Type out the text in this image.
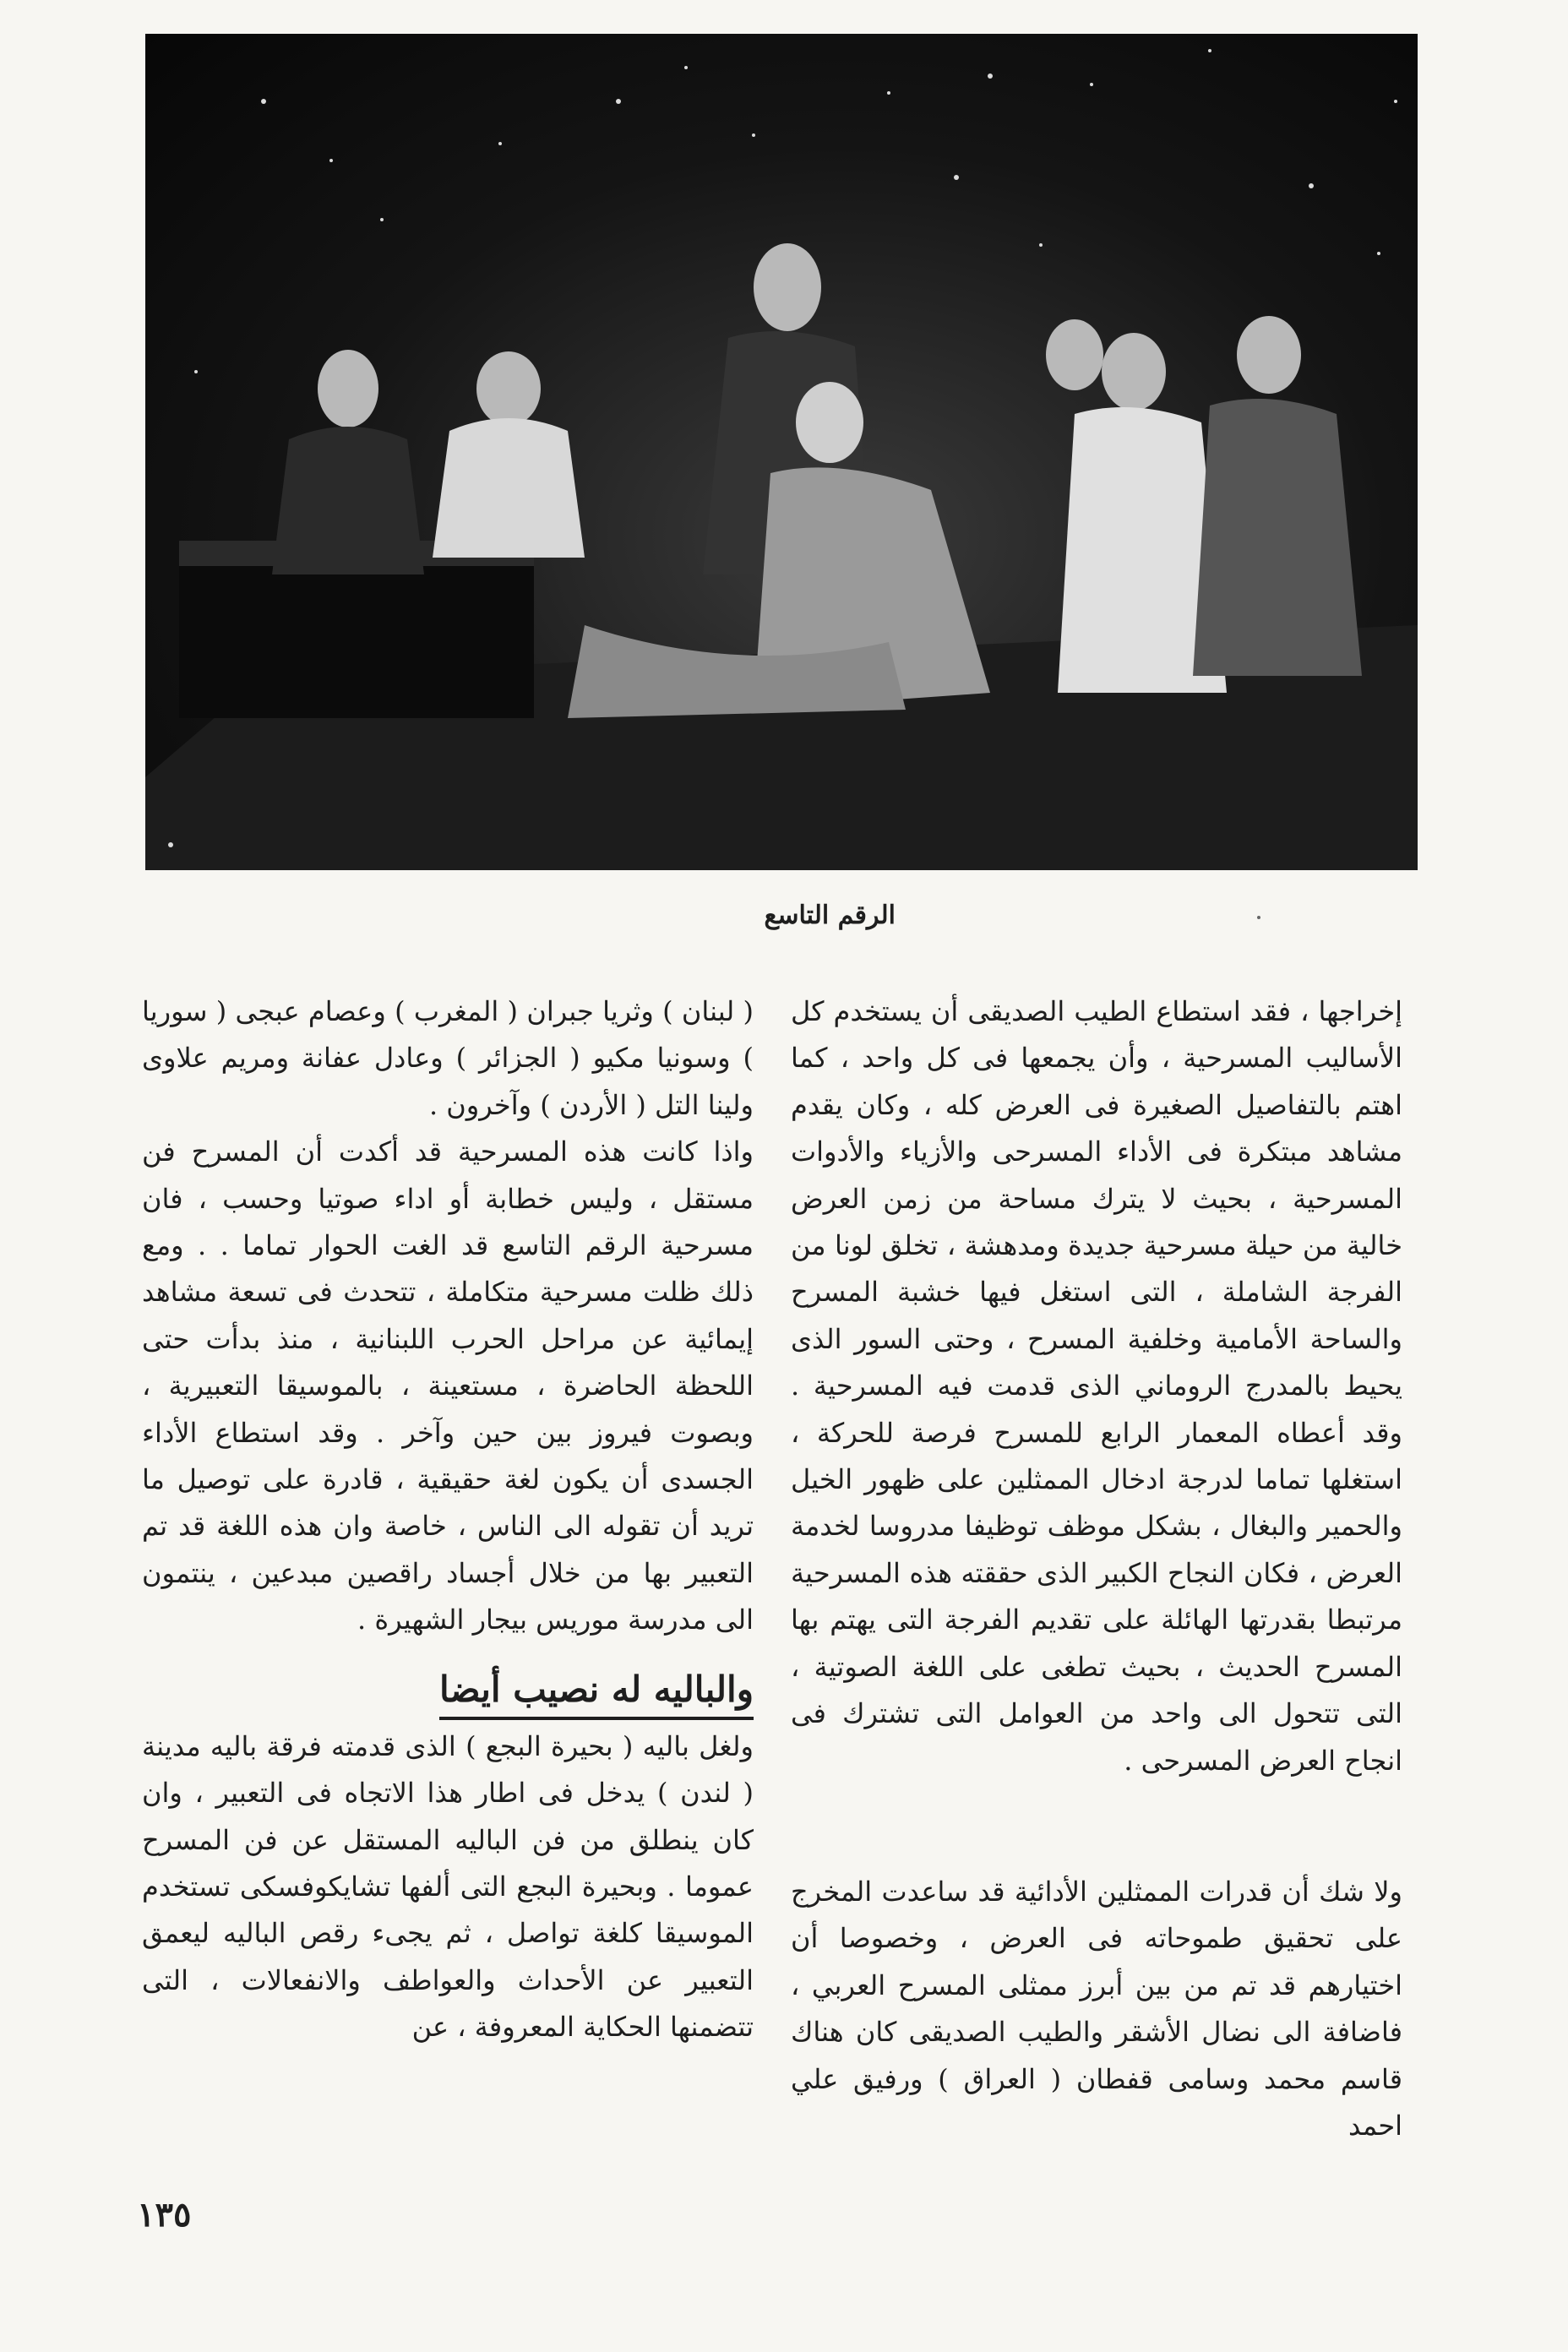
الرقم التاسع

إخراجها ، فقد استطاع الطيب الصديقى أن يستخدم كل الأساليب المسرحية ، وأن يجمعها فى كل واحد ، كما اهتم بالتفاصيل الصغيرة فى العرض كله ، وكان يقدم مشاهد مبتكرة فى الأداء المسرحى والأزياء والأدوات المسرحية ، بحيث لا يترك مساحة من زمن العرض خالية من حيلة مسرحية جديدة ومدهشة ، تخلق لونا من الفرجة الشاملة ، التى استغل فيها خشبة المسرح والساحة الأمامية وخلفية المسرح ، وحتى السور الذى يحيط بالمدرج الروماني الذى قدمت فيه المسرحية . وقد أعطاه المعمار الرابع للمسرح فرصة للحركة ، استغلها تماما لدرجة ادخال الممثلين على ظهور الخيل والحمير والبغال ، بشكل موظف توظيفا مدروسا لخدمة العرض ، فكان النجاح الكبير الذى حققته هذه المسرحية مرتبطا بقدرتها الهائلة على تقديم الفرجة التى يهتم بها المسرح الحديث ، بحيث تطغى على اللغة الصوتية ، التى تتحول الى واحد من العوامل التى تشترك فى انجاح العرض المسرحى .

ولا شك أن قدرات الممثلين الأدائية قد ساعدت المخرج على تحقيق طموحاته فى العرض ، وخصوصا أن اختيارهم قد تم من بين أبرز ممثلى المسرح العربي ، فاضافة الى نضال الأشقر والطيب الصديقى كان هناك قاسم محمد وسامى قفطان ( العراق ) ورفيق علي احمد

( لبنان ) وثريا جبران ( المغرب ) وعصام عبجى ( سوريا ) وسونيا مكيو ( الجزائر ) وعادل عفانة ومريم علاوى ولينا التل ( الأردن ) وآخرون .

واذا كانت هذه المسرحية قد أكدت أن المسرح فن مستقل ، وليس خطابة أو اداء صوتيا وحسب ، فان مسرحية الرقم التاسع قد الغت الحوار تماما . . ومع ذلك ظلت مسرحية متكاملة ، تتحدث فى تسعة مشاهد إيمائية عن مراحل الحرب اللبنانية ، منذ بدأت حتى اللحظة الحاضرة ، مستعينة ، بالموسيقا التعبيرية ، وبصوت فيروز بين حين وآخر . وقد استطاع الأداء الجسدى أن يكون لغة حقيقية ، قادرة على توصيل ما تريد أن تقوله الى الناس ، خاصة وان هذه اللغة قد تم التعبير بها من خلال أجساد راقصين مبدعين ، ينتمون الى مدرسة موريس بيجار الشهيرة .

والباليه له نصيب أيضا

ولغل باليه ( بحيرة البجع ) الذى قدمته فرقة باليه مدينة ( لندن ) يدخل فى اطار هذا الاتجاه فى التعبير ، وان كان ينطلق من فن الباليه المستقل عن فن المسرح عموما . وبحيرة البجع التى ألفها تشايكوفسكى تستخدم الموسيقا كلغة تواصل ، ثم يجىء رقص الباليه ليعمق التعبير عن الأحداث والعواطف والانفعالات ، التى تتضمنها الحكاية المعروفة ، عن

١٣٥
